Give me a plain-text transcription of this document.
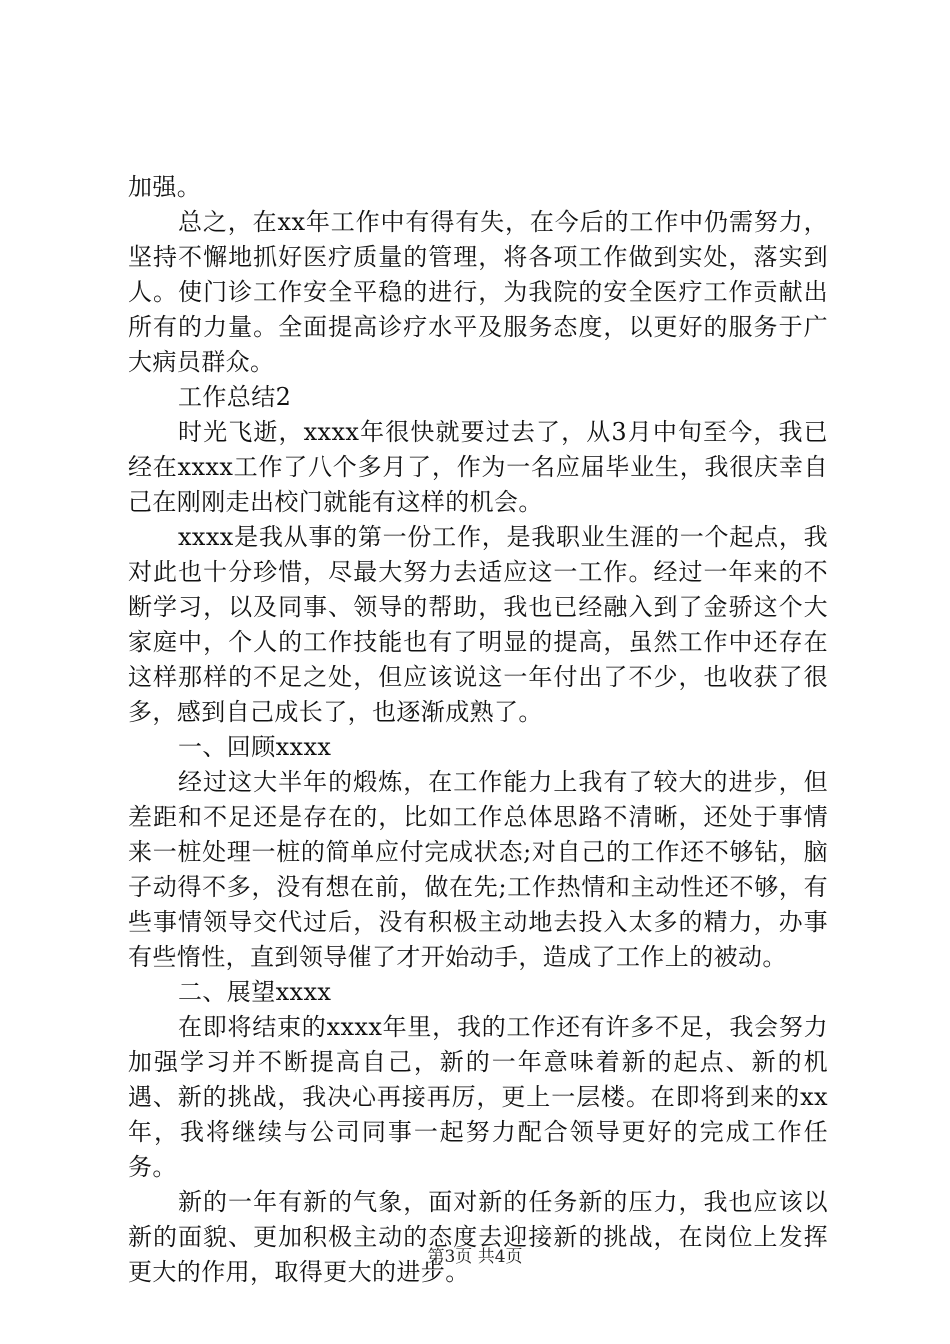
加强。

总之，在xx年工作中有得有失，在今后的工作中仍需努力，坚持不懈地抓好医疗质量的管理，将各项工作做到实处，落实到人。使门诊工作安全平稳的进行，为我院的安全医疗工作贡献出所有的力量。全面提高诊疗水平及服务态度，以更好的服务于广大病员群众。

工作总结2

时光飞逝，xxxx年很快就要过去了，从3月中旬至今，我已经在xxxx工作了八个多月了，作为一名应届毕业生，我很庆幸自己在刚刚走出校门就能有这样的机会。

xxxx是我从事的第一份工作，是我职业生涯的一个起点，我对此也十分珍惜，尽最大努力去适应这一工作。经过一年来的不断学习，以及同事、领导的帮助，我也已经融入到了金骄这个大家庭中，个人的工作技能也有了明显的提高，虽然工作中还存在这样那样的不足之处，但应该说这一年付出了不少，也收获了很多，感到自己成长了，也逐渐成熟了。

一、回顾xxxx

经过这大半年的煅炼，在工作能力上我有了较大的进步，但差距和不足还是存在的，比如工作总体思路不清晰，还处于事情来一桩处理一桩的简单应付完成状态;对自己的工作还不够钻，脑子动得不多，没有想在前，做在先;工作热情和主动性还不够，有些事情领导交代过后，没有积极主动地去投入太多的精力，办事有些惰性，直到领导催了才开始动手，造成了工作上的被动。

二、展望xxxx

在即将结束的xxxx年里，我的工作还有许多不足，我会努力加强学习并不断提高自己，新的一年意味着新的起点、新的机遇、新的挑战，我决心再接再厉，更上一层楼。在即将到来的xx年，我将继续与公司同事一起努力配合领导更好的完成工作任务。

新的一年有新的气象，面对新的任务新的压力，我也应该以新的面貌、更加积极主动的态度去迎接新的挑战，在岗位上发挥更大的作用，取得更大的进步。

第3页 共4页
